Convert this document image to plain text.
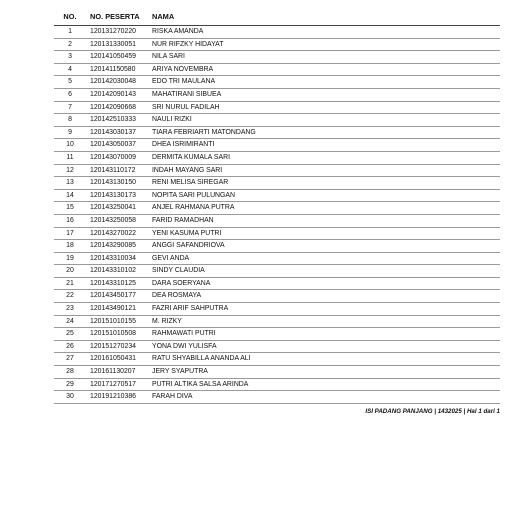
NO.	NO. PESERTA	NAMA
1	120131270220	RISKA AMANDA
2	120131330051	NUR RIFZKY HIDAYAT
3	120141050459	NILA SARI
4	120141150580	ARIYA NOVEMBRA
5	120142030048	EDO TRI MAULANA
6	120142090143	MAHATIRANI SIBUEA
7	120142090668	SRI NURUL FADILAH
8	120142510333	NAULI RIZKI
9	120143030137	TIARA FEBRIARTI MATONDANG
10	120143050037	DHEA ISRIMIRANTI
11	120143070009	DERMITA KUMALA SARI
12	120143110172	INDAH MAYANG SARI
13	120143130150	RENI MELISA SIREGAR
14	120143130173	NOPITA SARI PULUNGAN
15	120143250041	ANJEL RAHMANA PUTRA
16	120143250058	FARID RAMADHAN
17	120143270022	YENI KASUMA PUTRI
18	120143290085	ANGGI SAFANDRIOVA
19	120143310034	GEVI ANDA
20	120143310102	SINDY CLAUDIA
21	120143310125	DARA SOERYANA
22	120143450177	DEA ROSMAYA
23	120143490121	FAZRI ARIF SAHPUTRA
24	120151010155	M. RIZKY
25	120151010508	RAHMAWATI PUTRI
26	120151270234	YONA DWI YULISFA
27	120161050431	RATU SHYABILLA ANANDA ALI
28	120161130207	JERY SYAPUTRA
29	120171270517	PUTRI ALTIKA SALSA ARINDA
30	120191210386	FARAH DIVA
ISI PADANG PANJANG | 1432025 | Hal 1 dari 1
